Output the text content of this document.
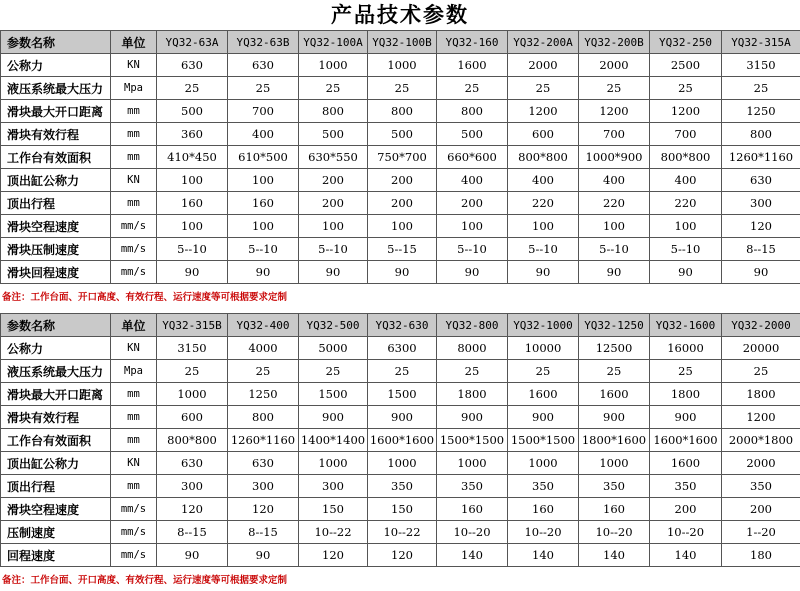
产品技术参数
参数名称	单位	YQ32-63A	YQ32-63B	YQ32-100A	YQ32-100B	YQ32-160	YQ32-200A	YQ32-200B	YQ32-250	YQ32-315A
公称力	KN	630	630	1000	1000	1600	2000	2000	2500	3150
液压系统最大压力	Mpa	25	25	25	25	25	25	25	25	25
滑块最大开口距离	mm	500	700	800	800	800	1200	1200	1200	1250
滑块有效行程	mm	360	400	500	500	500	600	700	700	800
工作台有效面积	mm	410*450	610*500	630*550	750*700	660*600	800*800	1000*900	800*800	1260*1160
顶出缸公称力	KN	100	100	200	200	400	400	400	400	630
顶出行程	mm	160	160	200	200	200	220	220	220	300
滑块空程速度	mm/s	100	100	100	100	100	100	100	100	120
滑块压制速度	mm/s	5--10	5--10	5--10	5--15	5--10	5--10	5--10	5--10	8--15
滑块回程速度	mm/s	90	90	90	90	90	90	90	90	90
备注：工作台面、开口高度、有效行程、运行速度等可根据要求定制
参数名称	单位	YQ32-315B	YQ32-400	YQ32-500	YQ32-630	YQ32-800	YQ32-1000	YQ32-1250	YQ32-1600	YQ32-2000
公称力	KN	3150	4000	5000	6300	8000	10000	12500	16000	20000
液压系统最大压力	Mpa	25	25	25	25	25	25	25	25	25
滑块最大开口距离	mm	1000	1250	1500	1500	1800	1600	1600	1800	1800
滑块有效行程	mm	600	800	900	900	900	900	900	900	1200
工作台有效面积	mm	800*800	1260*1160	1400*1400	1600*1600	1500*1500	1500*1500	1800*1600	1600*1600	2000*1800
顶出缸公称力	KN	630	630	1000	1000	1000	1000	1000	1600	2000
顶出行程	mm	300	300	300	350	350	350	350	350	350
滑块空程速度	mm/s	120	120	150	150	160	160	160	200	200
压制速度	mm/s	8--15	8--15	10--22	10--22	10--20	10--20	10--20	10--20	1--20
回程速度	mm/s	90	90	120	120	140	140	140	140	180
备注：工作台面、开口高度、有效行程、运行速度等可根据要求定制
